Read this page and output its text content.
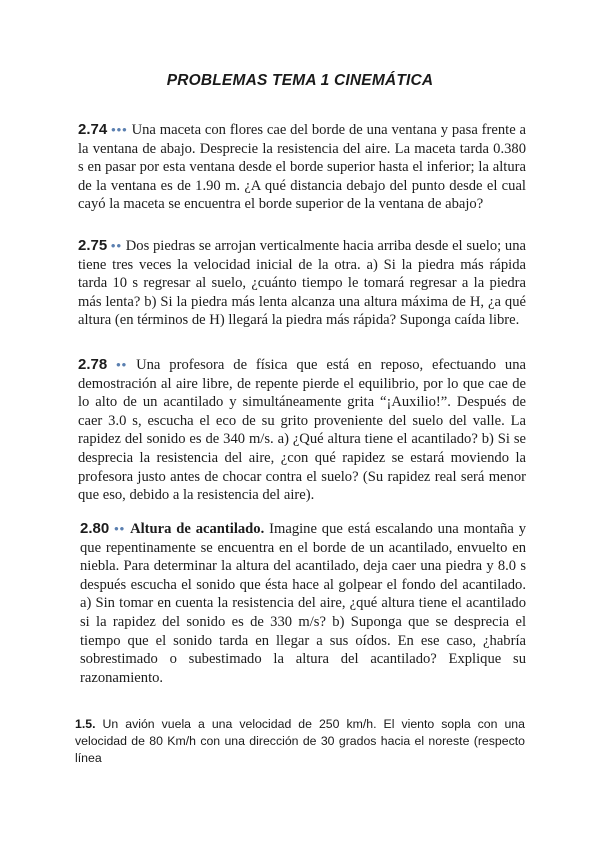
PROBLEMAS TEMA 1 CINEMÁTICA
2.74 ••• Una maceta con flores cae del borde de una ventana y pasa frente a la ventana de abajo. Desprecie la resistencia del aire. La maceta tarda 0.380 s en pasar por esta ventana desde el borde superior hasta el inferior; la altura de la ventana es de 1.90 m. ¿A qué distancia debajo del punto desde el cual cayó la maceta se encuentra el borde superior de la ventana de abajo?
2.75 •• Dos piedras se arrojan verticalmente hacia arriba desde el suelo; una tiene tres veces la velocidad inicial de la otra. a) Si la piedra más rápida tarda 10 s regresar al suelo, ¿cuánto tiempo le tomará regresar a la piedra más lenta? b) Si la piedra más lenta alcanza una altura máxima de H, ¿a qué altura (en términos de H) llegará la piedra más rápida? Suponga caída libre.
2.78 •• Una profesora de física que está en reposo, efectuando una demostración al aire libre, de repente pierde el equilibrio, por lo que cae de lo alto de un acantilado y simultáneamente grita “¡Auxilio!”. Después de caer 3.0 s, escucha el eco de su grito proveniente del suelo del valle. La rapidez del sonido es de 340 m/s. a) ¿Qué altura tiene el acantilado? b) Si se desprecia la resistencia del aire, ¿con qué rapidez se estará moviendo la profesora justo antes de chocar contra el suelo? (Su rapidez real será menor que eso, debido a la resistencia del aire).
2.80 •• Altura de acantilado. Imagine que está escalando una montaña y que repentinamente se encuentra en el borde de un acantilado, envuelto en niebla. Para determinar la altura del acantilado, deja caer una piedra y 8.0 s después escucha el sonido que ésta hace al golpear el fondo del acantilado. a) Sin tomar en cuenta la resistencia del aire, ¿qué altura tiene el acantilado si la rapidez del sonido es de 330 m/s? b) Suponga que se desprecia el tiempo que el sonido tarda en llegar a sus oídos. En ese caso, ¿habría sobrestimado o subestimado la altura del acantilado? Explique su razonamiento.
1.5. Un avión vuela a una velocidad de 250 km/h. El viento sopla con una velocidad de 80 Km/h con una dirección de 30 grados hacia el noreste (respecto línea
